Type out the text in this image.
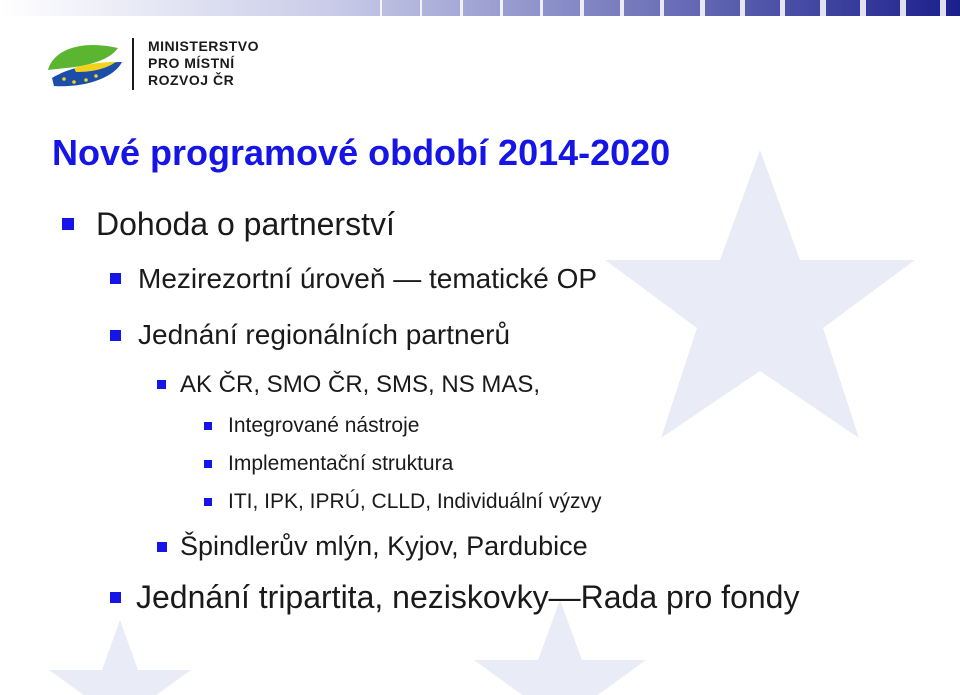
MINISTERSTVO
PRO MÍSTNÍ
ROZVOJ ČR
Nové programové období 2014-2020
Dohoda o partnerství
Mezirezortní úroveň — tematické OP
Jednání regionálních partnerů
AK ČR, SMO ČR, SMS, NS MAS,
Integrované nástroje
Implementační struktura
ITI, IPK, IPRÚ, CLLD, Individuální výzvy
Špindlerův mlýn, Kyjov, Pardubice
Jednání tripartita, neziskovky—Rada pro fondy
